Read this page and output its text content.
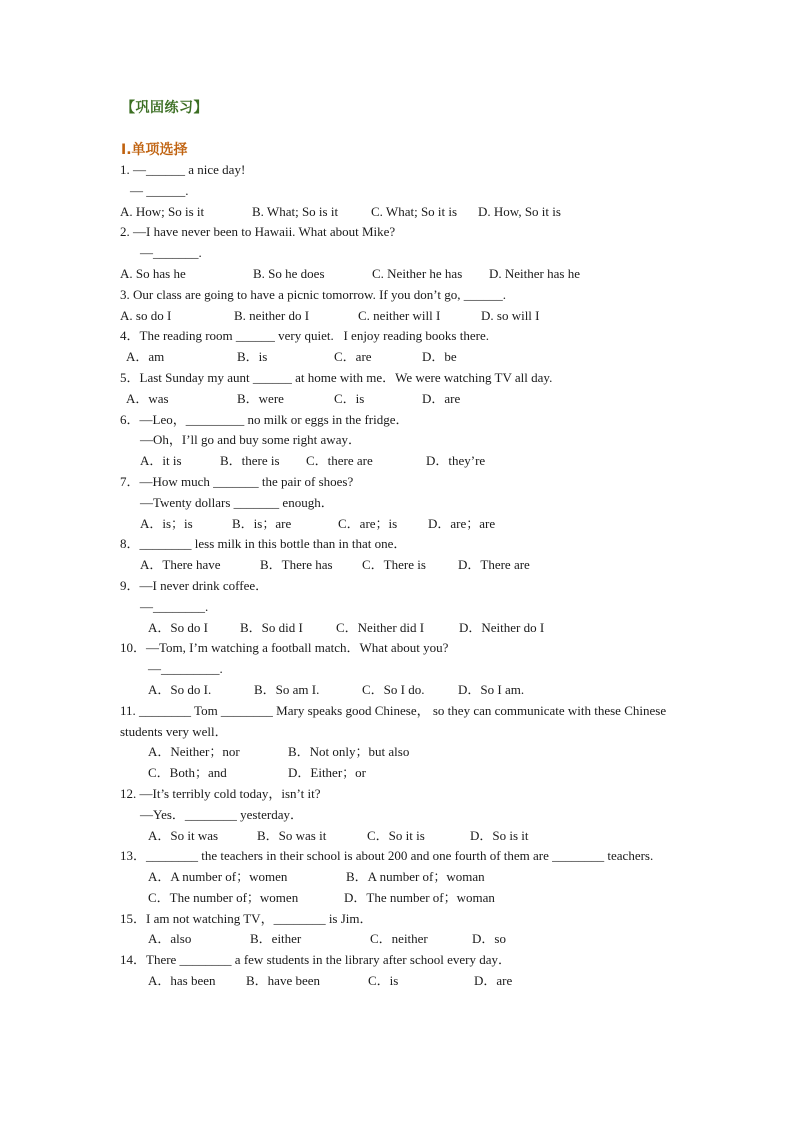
【巩固练习】
I.单项选择
1. —______ a nice day!
— ______.
A. How; So is it	B. What; So is it	C. What; So it is D. How, So it is
2. —I have never been to Hawaii. What about Mike?
—_______.
A. So has he	B. So he does	C. Neither he has D. Neither has he
3. Our class are going to have a picnic tomorrow. If you don’t go, ______.
A. so do I	B. neither do I	C. neither will I	D. so will I
4．The reading room ______ very quiet.   I enjoy reading books there.
A．am	B．is	C．are	D．be
5．Last Sunday my aunt ______ at home with me．We were watching TV all day.
A．was	B．were	C．is	D．are
6．—Leo，_________ no milk or eggs in the fridge．
—Oh，I’ll go and buy some right away．
A．it is	B．there is C．there are	D．they’re
7．—How much _______ the pair of shoes?
—Twenty dollars _______ enough．
A．is；is	B．is；are	C．are；is D．are；are
8．________ less milk in this bottle than in that one．
A．There have	B．There has C．There is D．There are
9．—I never drink coffee．
—________.
A．So do I B．So did I	C．Neither did I	D．Neither do I
10．—Tom, I’m watching a football match．What about you?
—_________.
A．So do I.	B．So am I.	C．So I do.	D．So I am.
11. ________ Tom ________ Mary speaks good Chinese， so they can communicate with these Chinese students very well．
A．Neither；nor	B．Not only；but also
C．Both；and	D．Either；or
12. —It’s terribly cold today，isn’t it?
—Yes．________ yesterday．
A．So it was	B．So was it	C．So it is	D．So is it
13．________ the teachers in their school is about 200 and one fourth of them are ________ teachers.
A．A number of；women	B．A number of；woman
C．The number of；women	D．The number of；woman
15．I am not watching TV，________ is Jim．
A．also	B．either	C．neither	D．so
14．There ________ a few students in the library after school every day．
A．has been B．have been	C．is	D．are
